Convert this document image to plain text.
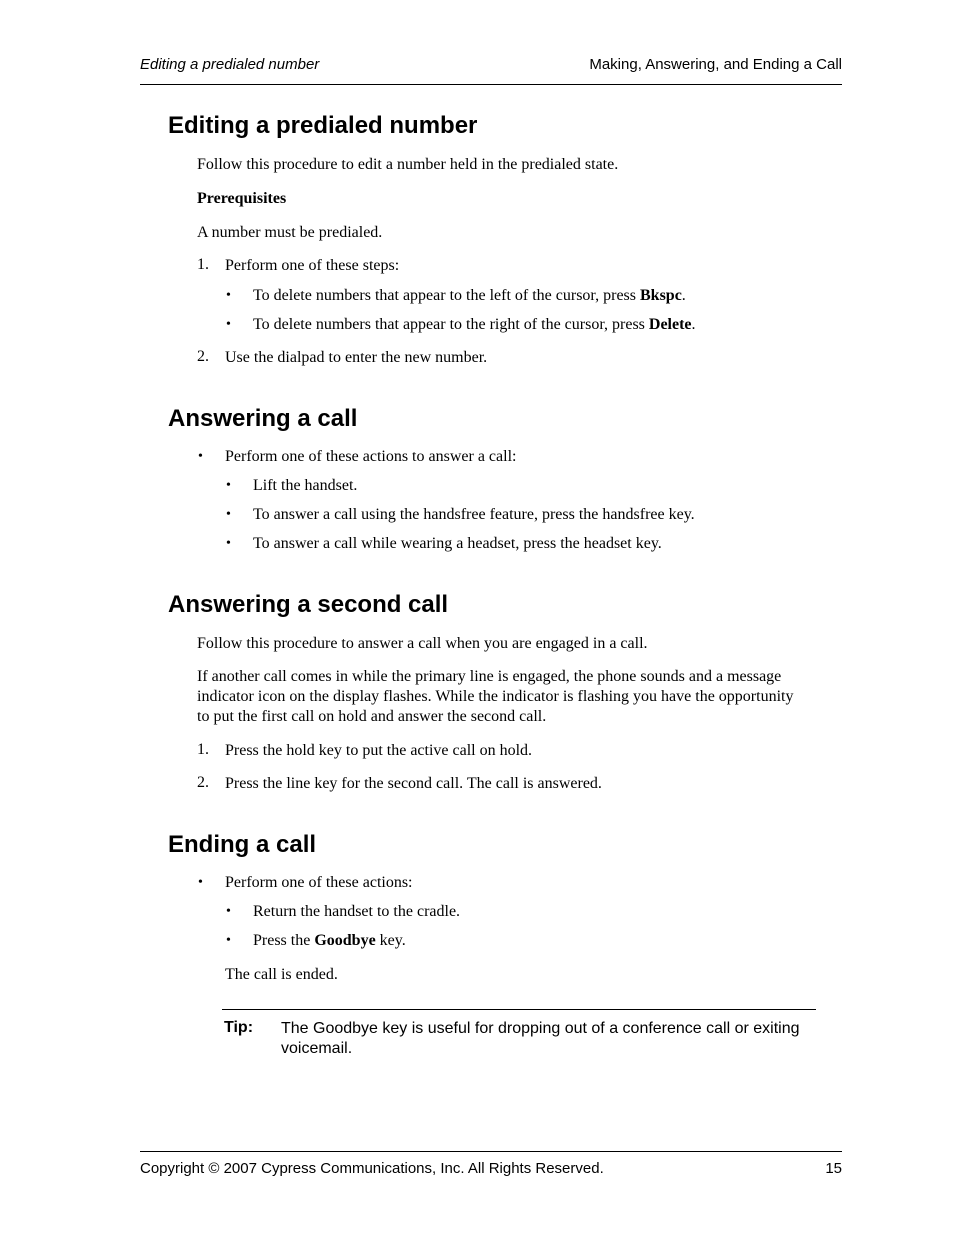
Editing a predialed number	Making, Answering, and Ending a Call
Editing a predialed number

Follow this procedure to edit a number held in the predialed state.

Prerequisites

A number must be predialed.

1. Perform one of these steps:

• To delete numbers that appear to the left of the cursor, press Bkspc.

• To delete numbers that appear to the right of the cursor, press Delete.

2. Use the dialpad to enter the new number.

Answering a call
• Perform one of these actions to answer a call:

• Lift the handset.

• To answer a call using the handsfree feature, press the handsfree key.

• To answer a call while wearing a headset, press the headset key.

Answering a second call

Follow this procedure to answer a call when you are engaged in a call.

If another call comes in while the primary line is engaged, the phone sounds and a message

indicator icon on the display flashes. While the indicator is flashing you have the opportunity

to put the first call on hold and answer the second call.

1. Press the hold key to put the active call on hold.

2. Press the line key for the second call. The call is answered.

Ending a call
• Perform one of these actions:

• Return the handset to the cradle.

• Press the Goodbye key.

The call is ended.

Tip: The Goodbye key is useful for dropping out of a conference call or exiting voicemail.
Copyright © 2007 Cypress Communications, Inc. All Rights Reserved.	15
